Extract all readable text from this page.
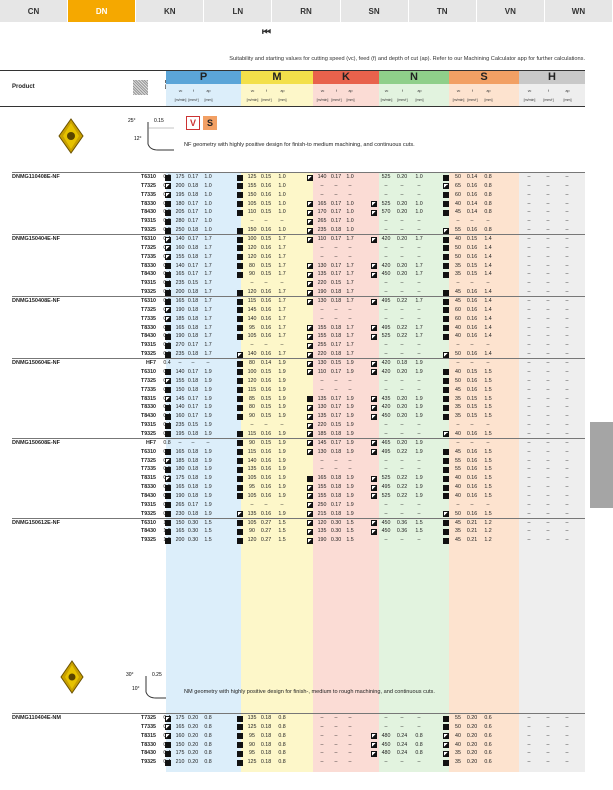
CN	DN	KN	LN	RN	SN	TN	VN	WN
⏮
Suitability and starting values for cutting speed (vc), feed (f) and depth of cut (ap). Refer to our Machining Calculator app for further calculations.
Product

25°	0.15
12°
30°	0.25
10°
V	S
P
vc
[m/min]
f
[mm/r]
ap
[mm]
M
vc
[m/min]
f
[mm/r]
ap
[mm]
K
vc
[m/min]
f
[mm/r]
ap
[mm]
N
vc
[m/min]
f
[mm/r]
ap
[mm]
S
vc
[m/min]
f
[mm/r]
ap
[mm]
H
vc
[m/min]
f
[mm/r]
ap
[mm]
NF geometry with highly positive design for finish-to medium machining, and continuous cuts.
DNMG110408E-NF	T6310	175 0.17	1.0	125 0.15	1.0	140 0.17 1.0	525	0.20	1.0	50	0.14	0.8	–	–	–
T7325	200 0.18	1.0	155 0.16	1.0	–	–	–	–	–	–	65	0.16	0.8	–	–	–
T7335	195 0.18	1.0	150 0.16	1.0	–	–	–	–	–	–	60	0.16	0.8	–	–	–
T8330	180 0.17	1.0	105 0.15	1.0	165 0.17 1.0	525	0.20	1.0	40	0.14	0.8	–	–	–
T8430	205 0.17	1.0	110 0.15	1.0	170 0.17 1.0	570	0.20	1.0	45	0.14	0.8	–	–	–
T9315	280 0.17	1.0	–	–	–	265 0.17 1.0	–	–	–	–	–	–	–	–	–
T9325	250 0.18	1.0	150 0.16	1.0	235 0.18 1.0	–	–	–	55	0.16	0.8	–	–	–
DNMG150404E-NF	T6310	140 0.17	1.7	100 0.15	1.7	110 0.17 1.7	420	0.20	1.7	40	0.15	1.4	–	–	–
T7325	160 0.18	1.7	120 0.16	1.7	–	–	–	–	–	–	50	0.16	1.4	–	–	–
T7335	155 0.18	1.7	120 0.16	1.7	–	–	–	–	–	–	50	0.16	1.4	–	–	–
T8330	140 0.17	1.7	80	0.15	1.7	130 0.17 1.7	420	0.20	1.7	35	0.15	1.4	–	–	–
T8430	165 0.17	1.7	90	0.15	1.7	135 0.17 1.7	450	0.20	1.7	35	0.15	1.4	–	–	–
T9315	235 0.15	1.7	–	–	–	220 0.15 1.7	–	–	–	–	–	–	–	–	–
T9325	200 0.18	1.7	120 0.16	1.7	190 0.18 1.7	–	–	–	45	0.16	1.4	–	–	–
DNMG150408E-NF	T6310	165 0.18	1.7	115 0.16	1.7	130 0.18 1.7	495	0.22	1.7	45	0.16	1.4	–	–	–
T7325	190 0.18	1.7	145 0.16	1.7	–	–	–	–	–	–	60	0.16	1.4	–	–	–
T7335	185 0.18	1.7	140 0.16	1.7	–	–	–	–	–	–	60	0.16	1.4	–	–	–
T8330	165 0.18	1.7	95	0.16	1.7	155 0.18 1.7	495	0.22	1.7	40	0.16	1.4	–	–	–
T8430	190 0.18	1.7	105 0.16	1.7	155 0.18 1.7	525	0.22	1.7	40	0.16	1.4	–	–	–
T9315	270 0.17	1.7	–	–	–	255 0.17 1.7	–	–	–	–	–	–	–	–	–
T9325	235 0.18	1.7	140 0.16	1.7	220 0.18 1.7	–	–	–	50	0.16	1.4	–	–	–
DNMG150604E-NF	HF7	0.4	–	–	–	80	0.14	1.9	130 0.15 1.9	420	0.18	1.9	–	–	–	–	–	–
T6310	140 0.17	1.9	100 0.15	1.9	110 0.17 1.9	420	0.20	1.9	40	0.15	1.5	–	–	–
T7325	155 0.18	1.9	120 0.16	1.9	–	–	–	–	–	–	50	0.16	1.5	–	–	–
T7335	150 0.18	1.9	115 0.16	1.9	–	–	–	–	–	–	45	0.16	1.5	–	–	–
T8315	145 0.17	1.9	85	0.15	1.9	135 0.17 1.9	435	0.20	1.9	35	0.15	1.5	–	–	–
T8330	140 0.17	1.9	80	0.15	1.9	130 0.17 1.9	420	0.20	1.9	35	0.15	1.5	–	–	–
T8430	160 0.17	1.9	90	0.15	1.9	135 0.17 1.9	450	0.20	1.9	35	0.15	1.5	–	–	–
T9315	235 0.15	1.9	–	–	–	220 0.15 1.9	–	–	–	–	–	–	–	–	–
T9325	195 0.18	1.9	115 0.16	1.9	185 0.18 1.9	–	–	–	40	0.16	1.5	–	–	–
DNMG150608E-NF	HF7	0.8	–	–	–	90	0.15	1.9	145 0.17 1.9	465	0.20	1.9	–	–	–	–	–	–
T6310	165 0.18	1.9	115 0.16	1.9	130 0.18 1.9	495	0.22	1.9	45	0.16	1.5	–	–	–
T7325	185 0.18	1.9	140 0.16	1.9	–	–	–	–	–	–	55	0.16	1.5	–	–	–
T7335	180 0.18	1.9	135 0.16	1.9	–	–	–	–	–	–	55	0.16	1.5	–	–	–
T8315	175 0.18	1.9	105 0.16	1.9	165 0.18 1.9	525	0.22	1.9	40	0.16	1.5	–	–	–
T8330	165 0.18	1.9	95	0.16	1.9	155 0.18 1.9	495	0.22	1.9	40	0.16	1.5	–	–	–
T8430	190 0.18	1.9	105 0.16	1.9	155 0.18 1.9	525	0.22	1.9	40	0.16	1.5	–	–	–
T9315	265 0.17	1.9	–	–	–	250 0.17 1.9	–	–	–	–	–	–	–	–	–
T9325	230 0.18	1.9	135 0.16	1.9	215 0.18 1.9	–	–	–	50	0.16	1.5	–	–	–
DNMG150612E-NF	T6310	150 0.30	1.5	105 0.27	1.5	120 0.30 1.5	450	0.36	1.5	45	0.21	1.2	–	–	–
T8430	165 0.30	1.5	90	0.27	1.5	135 0.30 1.5	450	0.36	1.5	35	0.21	1.2	–	–	–
T9325	200 0.30	1.5	120 0.27	1.5	190 0.30 1.5	–	–	–	45	0.21	1.2	–	–	–
NM geometry with highly positive design for finish-, medium to rough machining, and continuous cuts.
DNMG110404E-NM	T7325	175 0.20	0.8	135 0.18	0.8	–	–	–	–	–	–	55	0.20	0.6	–	–	–
T7335	165 0.20	0.8	125 0.18	0.8	–	–	–	–	–	–	50	0.20	0.6	–	–	–
T8315	160 0.20	0.8	95	0.18	0.8	–	–	–	480	0.24	0.8	40	0.20	0.6	–	–	–
T8330	150 0.20	0.8	90	0.18	0.8	–	–	–	450	0.24	0.8	40	0.20	0.6	–	–	–
T8430	175 0.20	0.8	95	0.18	0.8	–	–	–	480	0.24	0.8	35	0.20	0.6	–	–	–
T9325	210 0.20	0.8	125 0.18	0.8	–	–	–	–	–	–	35	0.20	0.6	–	–	–
